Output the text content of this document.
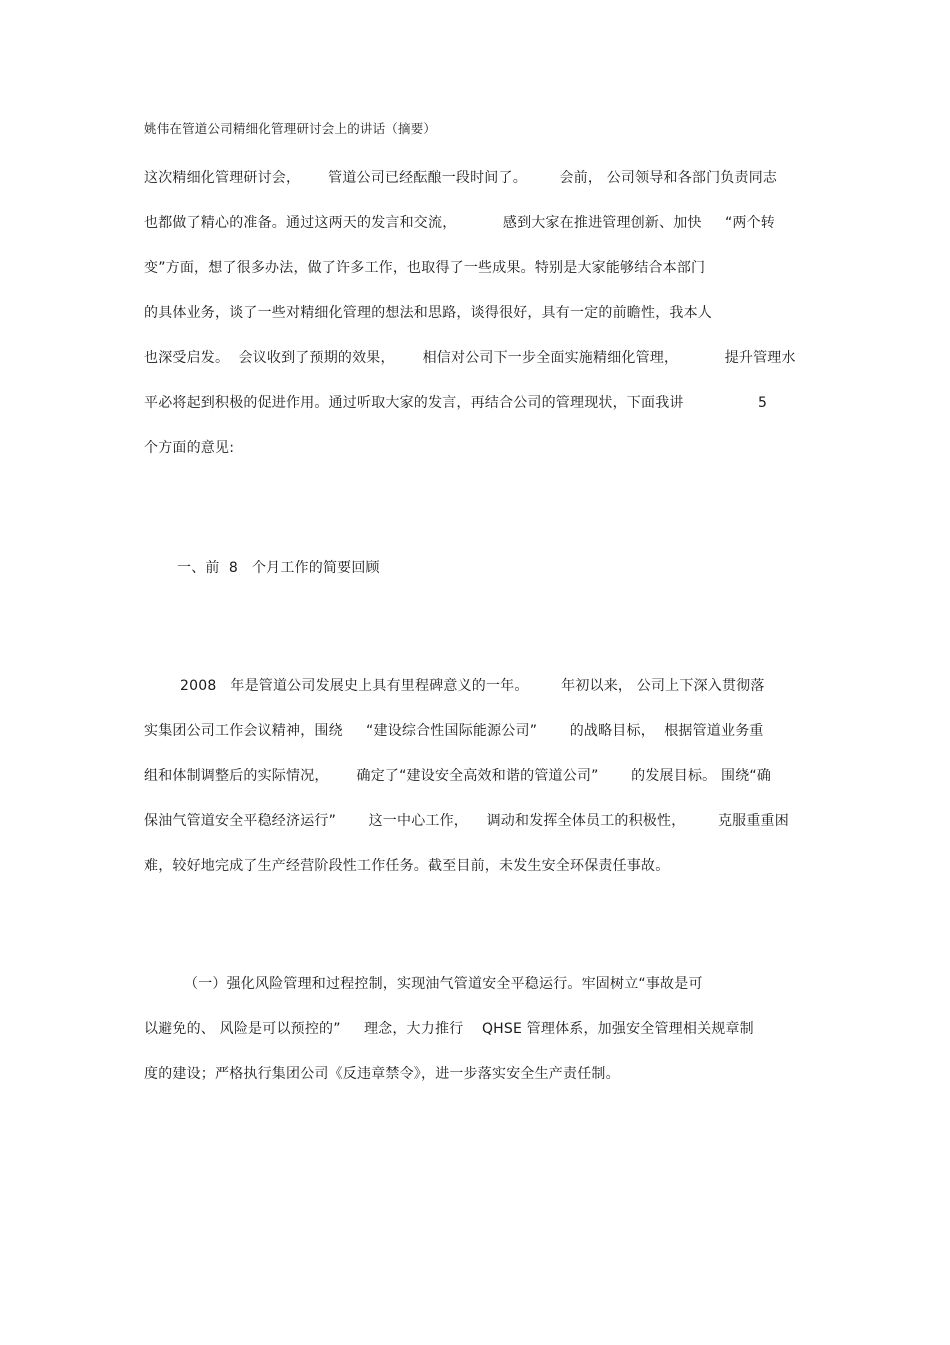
姚伟在管道公司精细化管理研讨会上的讲话（摘要）
这次精细化管理研讨会，      管道公司已经酝酿一段时间了。       会前， 公司领导和各部门负责同志
也都做了精心的准备。通过这两天的发言和交流，          感到大家在推进管理创新、加快     “两个转
变”方面，想了很多办法，做了许多工作，也取得了一些成果。特别是大家能够结合本部门
的具体业务，谈了一些对精细化管理的想法和思路，谈得很好，具有一定的前瞻性，我本人
也深受启发。  会议收到了预期的效果，      相信对公司下一步全面实施精细化管理，          提升管理水
平必将起到积极的促进作用。通过听取大家的发言，再结合公司的管理现状，下面我讲                5
个方面的意见:
一、前  8   个月工作的简要回顾
2008   年是管道公司发展史上具有里程碑意义的一年。       年初以来， 公司上下深入贯彻落
实集团公司工作会议精神，围绕     “建设综合性国际能源公司”       的战略目标，  根据管道业务重
组和体制调整后的实际情况，      确定了“建设安全高效和谐的管道公司”       的发展目标。 围绕“确
保油气管道安全平稳经济运行”       这一中心工作，    调动和发挥全体员工的积极性，       克服重重困
难，较好地完成了生产经营阶段性工作任务。截至目前，未发生安全环保责任事故。
（一）强化风险管理和过程控制，实现油气管道安全平稳运行。牢固树立“事故是可
以避免的、 风险是可以预控的”     理念，大力推行    QHSE 管理体系，加强安全管理相关规章制
度的建设；严格执行集团公司《反违章禁令》，进一步落实安全生产责任制。
